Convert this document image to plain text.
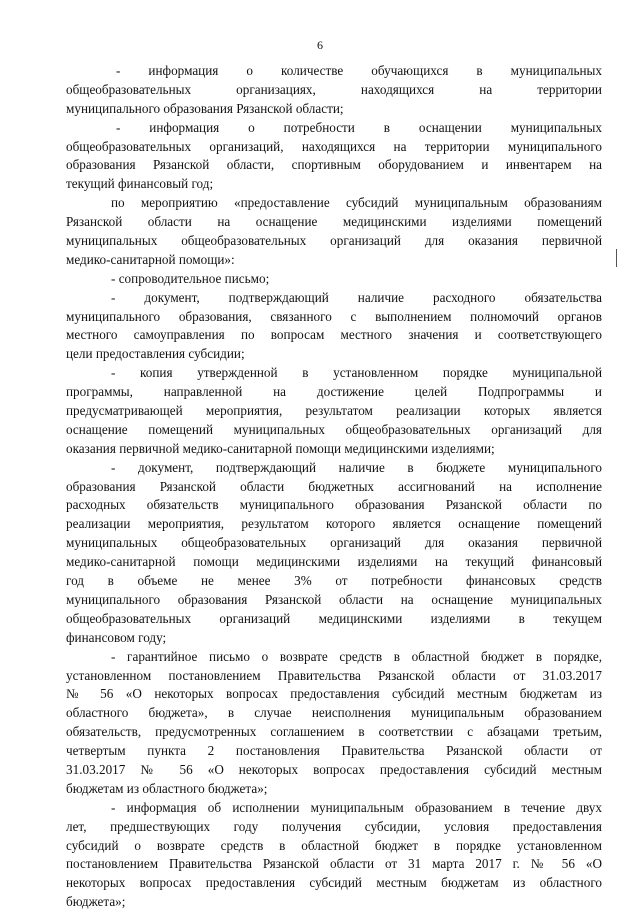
6
- информация о количестве обучающихся в муниципальных
общеобразовательных организациях, находящихся на территории
муниципального образования Рязанской области;
- информация о потребности в оснащении муниципальных
общеобразовательных организаций, находящихся на территории муниципального
образования Рязанской области, спортивным оборудованием и инвентарем на
текущий финансовый год;
по мероприятию «предоставление субсидий муниципальным образованиям
Рязанской области на оснащение медицинскими изделиями помещений
муниципальных общеобразовательных организаций для оказания первичной
медико-санитарной помощи»:
- сопроводительное письмо;
- документ, подтверждающий наличие расходного обязательства
муниципального образования, связанного с выполнением полномочий органов
местного самоуправления по вопросам местного значения и соответствующего
цели предоставления субсидии;
- копия утвержденной в установленном порядке муниципальной
программы, направленной на достижение целей Подпрограммы и
предусматривающей мероприятия, результатом реализации которых является
оснащение помещений муниципальных общеобразовательных организаций для
оказания первичной медико-санитарной помощи медицинскими изделиями;
- документ, подтверждающий наличие в бюджете муниципального
образования Рязанской области бюджетных ассигнований на исполнение
расходных обязательств муниципального образования Рязанской области по
реализации мероприятия, результатом которого является оснащение помещений
муниципальных общеобразовательных организаций для оказания первичной
медико-санитарной помощи медицинскими изделиями на текущий финансовый
год в объеме не менее 3% от потребности финансовых средств
муниципального образования Рязанской области на оснащение муниципальных
общеобразовательных организаций медицинскими изделиями в текущем
финансовом году;
- гарантийное письмо о возврате средств в областной бюджет в порядке,
установленном постановлением Правительства Рязанской области от 31.03.2017
№ 56 «О некоторых вопросах предоставления субсидий местным бюджетам из
областного бюджета», в случае неисполнения муниципальным образованием
обязательств, предусмотренных соглашением в соответствии с абзацами третьим,
четвертым пункта 2 постановления Правительства Рязанской области от
31.03.2017 № 56 «О некоторых вопросах предоставления субсидий местным
бюджетам из областного бюджета»;
- информация об исполнении муниципальным образованием в течение двух
лет, предшествующих году получения субсидии, условия предоставления
субсидий о возврате средств в областной бюджет в порядке установленном
постановлением Правительства Рязанской области от 31 марта 2017 г. № 56 «О
некоторых вопросах предоставления субсидий местным бюджетам из областного
бюджета»;
